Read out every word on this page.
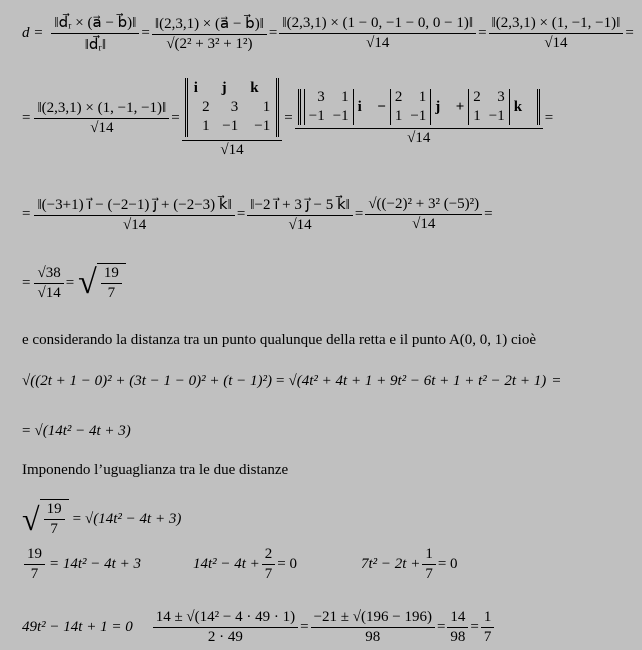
$d = \frac{\text{‖d⃗ᵣ × (a⃗ − b⃗)‖}}{\text{‖d⃗ᵣ‖}} = \frac{‖(2,3,1) \times (a⃗ - b⃗)‖}{\text{√(2² + 3² + 1²)}} = \frac{‖(2,3,1) \times (1 - 0, -1 - 0, 0 - 1)‖}{√14} = \frac{‖(2,3,1) \times (1, -1, -1)‖}{√14}$ =
= $\frac{‖(2,3,1) \times (1, -1, -1)‖}{√14}$ =
i⃗ j⃗ k⃗
2	3	1
1 −1 −1
√14
=
3	1
−1 −1
i⃗ −
2	1
1 −1
j⃗ +
2	3
1 −1
k⃗
√14
=
= $\frac{‖(-3+1) i⃗ - (-2-1) j⃗ + (-2-3) k⃗‖}{√14} = \frac{‖-2 i⃗ + 3 j⃗ - 5 k⃗‖}{√14} = \frac{\text{√((−2)² + 3² (−5)²)}}{√14}$ =
= $\frac{√38}{√14}$ = √ $\frac{19}{7}$
e considerando la distanza tra un punto qualunque della retta e il punto A(0, 0, 1) cioè
√((2t + 1 − 0)² + (3t − 1 − 0)² + (t − 1)²) = √(4t² + 4t + 1 + 9t² − 6t + 1 + t² − 2t + 1) =
= √(14t² − 4t + 3)
Imponendo l’uguaglianza tra le due distanze
√ $\frac{19}{7} = √(14t^2 - 4t + 3)$
$\frac{19}{7} = 14t^2 - 4t + 3$	$14t^2 - 4t + \frac{2}{7} = 0$	$7t^2 - 2t + \frac{1}{7} = 0$
$49t^2 - 14t + 1 = 0 \frac{\text{14 ± √(14² − 4 · 49 · 1)}}{2 \cdot 49} = \frac{-21 \pm √(196 - 196)}{98} = \frac{14}{98} = \frac{1}{7}$
